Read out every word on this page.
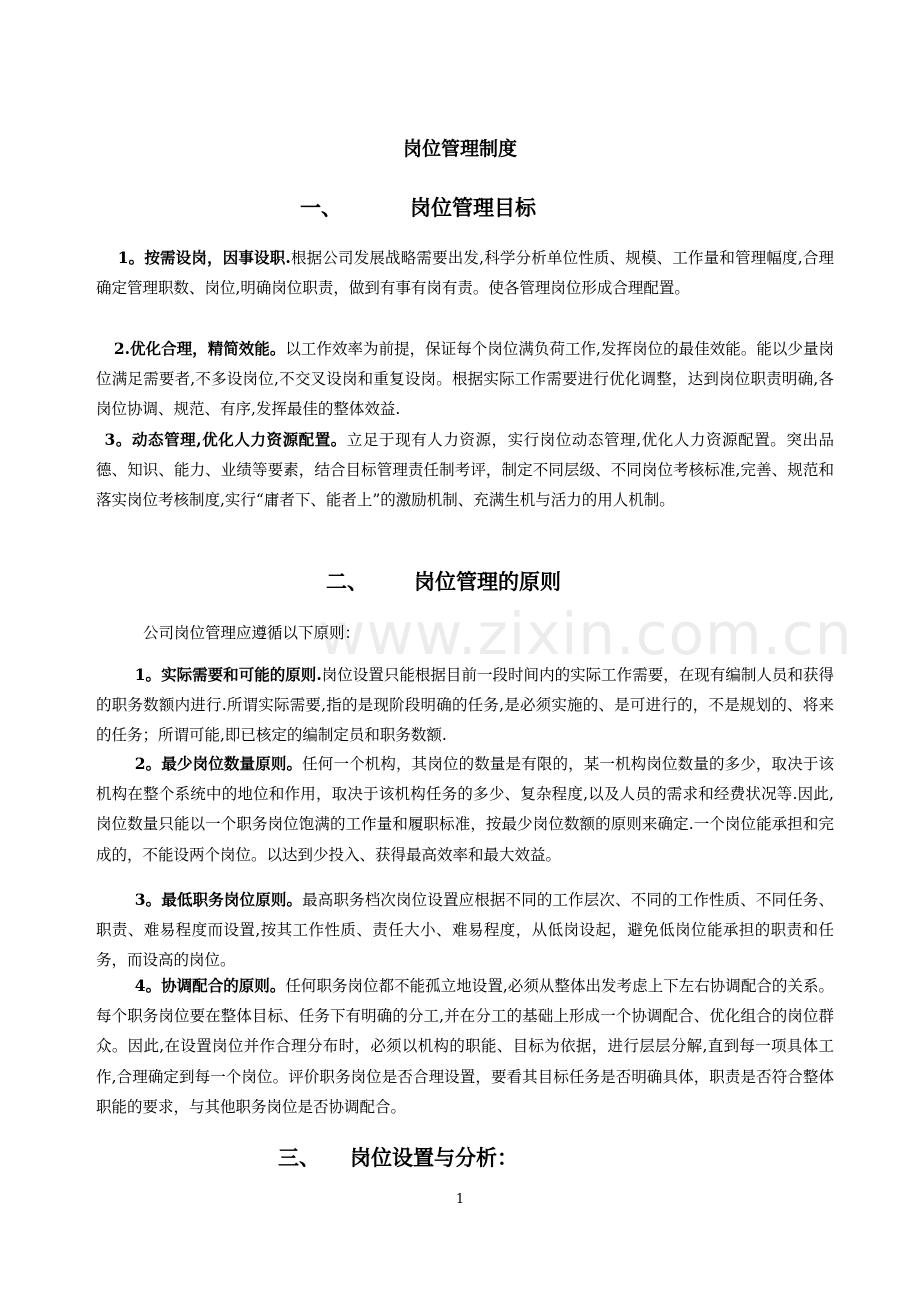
岗位管理制度
一、	岗位管理目标

1。按需设岗，因事设职.根据公司发展战略需要出发,科学分析单位性质、规模、工作量和管理幅度,合理确定管理职数、岗位,明确岗位职责，做到有事有岗有责。使各管理岗位形成合理配置。

2.优化合理，精简效能。以工作效率为前提，保证每个岗位满负荷工作,发挥岗位的最佳效能。能以少量岗位满足需要者,不多设岗位,不交叉设岗和重复设岗。根据实际工作需要进行优化调整，达到岗位职责明确,各岗位协调、规范、有序,发挥最佳的整体效益.

3。动态管理,优化人力资源配置。立足于现有人力资源，实行岗位动态管理,优化人力资源配置。突出品德、知识、能力、业绩等要素，结合目标管理责任制考评，制定不同层级、不同岗位考核标准,完善、规范和落实岗位考核制度,实行“庸者下、能者上”的激励机制、充满生机与活力的用人机制。

二、 岗位管理的原则
www.zixin.com.cn
公司岗位管理应遵循以下原则：

1。实际需要和可能的原则.岗位设置只能根据目前一段时间内的实际工作需要，在现有编制人员和获得的职务数额内进行.所谓实际需要,指的是现阶段明确的任务,是必须实施的、是可进行的，不是规划的、将来的任务；所谓可能,即已核定的编制定员和职务数额.

2。最少岗位数量原则。任何一个机构，其岗位的数量是有限的，某一机构岗位数量的多少，取决于该机构在整个系统中的地位和作用，取决于该机构任务的多少、复杂程度,以及人员的需求和经费状况等.因此,岗位数量只能以一个职务岗位饱满的工作量和履职标准，按最少岗位数额的原则来确定.一个岗位能承担和完成的，不能设两个岗位。以达到少投入、获得最高效率和最大效益。

3。最低职务岗位原则。最高职务档次岗位设置应根据不同的工作层次、不同的工作性质、不同任务、职责、难易程度而设置,按其工作性质、责任大小、难易程度，从低岗设起，避免低岗位能承担的职责和任务，而设高的岗位。

4。协调配合的原则。任何职务岗位都不能孤立地设置,必须从整体出发考虑上下左右协调配合的关系。每个职务岗位要在整体目标、任务下有明确的分工,并在分工的基础上形成一个协调配合、优化组合的岗位群众。因此,在设置岗位并作合理分布时，必须以机构的职能、目标为依据，进行层层分解,直到每一项具体工作,合理确定到每一个岗位。评价职务岗位是否合理设置，要看其目标任务是否明确具体，职责是否符合整体职能的要求，与其他职务岗位是否协调配合。

三、 岗位设置与分析：
1
